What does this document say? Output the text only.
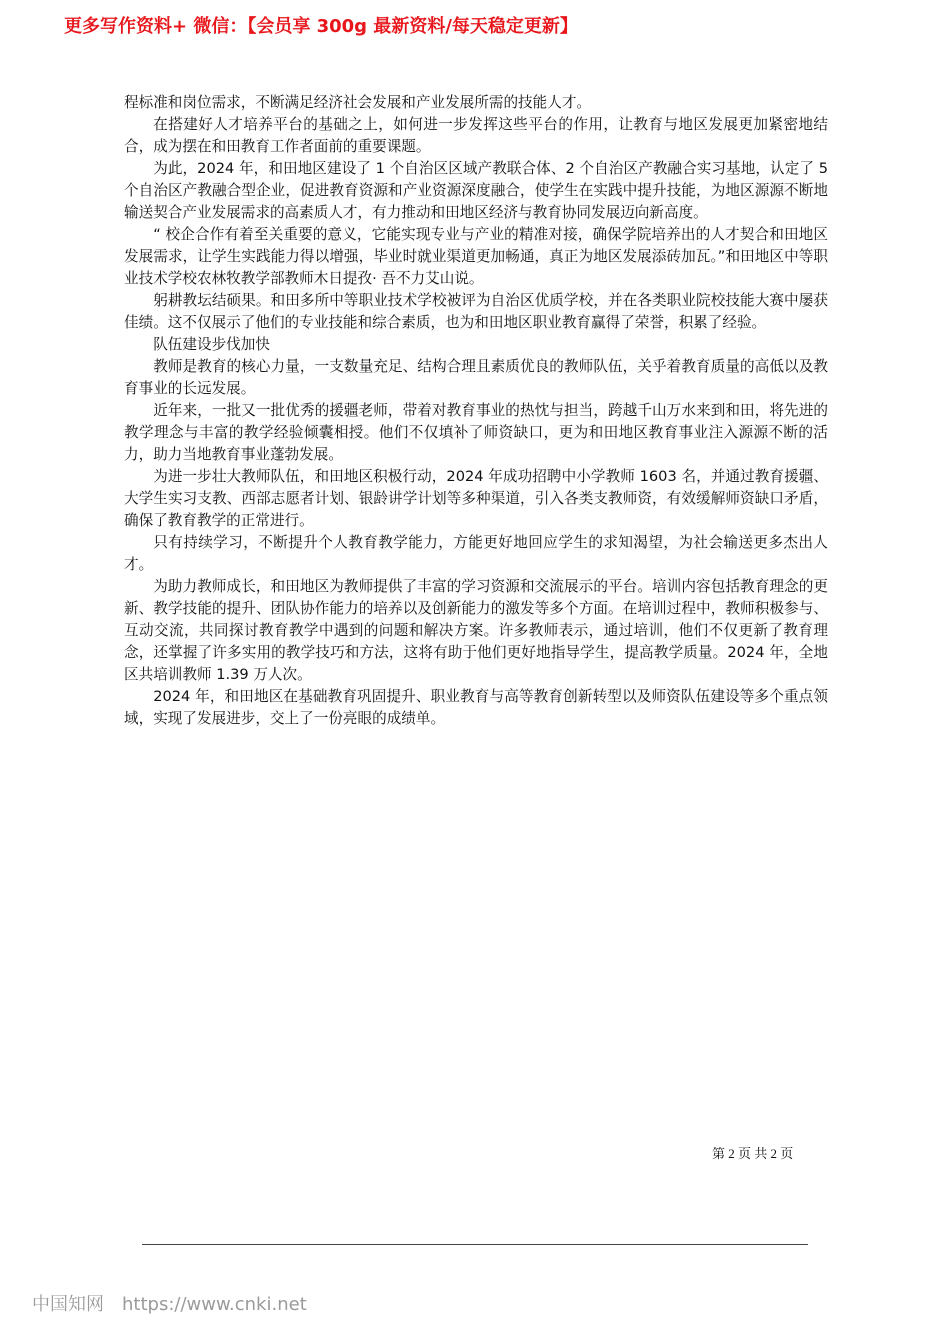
更多写作资料+ 微信：【会员享 300g 最新资料/每天稳定更新】

程标准和岗位需求，不断满足经济社会发展和产业发展所需的技能人才。

在搭建好人才培养平台的基础之上，如何进一步发挥这些平台的作用，让教育与地区发展更加紧密地结合，成为摆在和田教育工作者面前的重要课题。

为此，2024 年，和田地区建设了 1 个自治区区域产教联合体、2 个自治区产教融合实习基地，认定了 5 个自治区产教融合型企业，促进教育资源和产业资源深度融合，使学生在实践中提升技能，为地区源源不断地输送契合产业发展需求的高素质人才，有力推动和田地区经济与教育协同发展迈向新高度。

“ 校企合作有着至关重要的意义，它能实现专业与产业的精准对接，确保学院培养出的人才契合和田地区发展需求，让学生实践能力得以增强，毕业时就业渠道更加畅通，真正为地区发展添砖加瓦。”和田地区中等职业技术学校农林牧教学部教师木日提孜· 吾不力艾山说。

躬耕教坛结硕果。和田多所中等职业技术学校被评为自治区优质学校，并在各类职业院校技能大赛中屡获佳绩。这不仅展示了他们的专业技能和综合素质，也为和田地区职业教育赢得了荣誉，积累了经验。

队伍建设步伐加快

教师是教育的核心力量，一支数量充足、结构合理且素质优良的教师队伍，关乎着教育质量的高低以及教育事业的长远发展。

近年来，一批又一批优秀的援疆老师，带着对教育事业的热忱与担当，跨越千山万水来到和田，将先进的教学理念与丰富的教学经验倾囊相授。他们不仅填补了师资缺口，更为和田地区教育事业注入源源不断的活力，助力当地教育事业蓬勃发展。

为进一步壮大教师队伍，和田地区积极行动，2024 年成功招聘中小学教师 1603 名，并通过教育援疆、大学生实习支教、西部志愿者计划、银龄讲学计划等多种渠道，引入各类支教师资，有效缓解师资缺口矛盾，确保了教育教学的正常进行。

只有持续学习，不断提升个人教育教学能力，方能更好地回应学生的求知渴望，为社会输送更多杰出人才。

为助力教师成长，和田地区为教师提供了丰富的学习资源和交流展示的平台。培训内容包括教育理念的更新、教学技能的提升、团队协作能力的培养以及创新能力的激发等多个方面。在培训过程中，教师积极参与、互动交流，共同探讨教育教学中遇到的问题和解决方案。许多教师表示，通过培训，他们不仅更新了教育理念，还掌握了许多实用的教学技巧和方法，这将有助于他们更好地指导学生，提高教学质量。2024 年，全地区共培训教师 1.39 万人次。

2024 年，和田地区在基础教育巩固提升、职业教育与高等教育创新转型以及师资队伍建设等多个重点领域，实现了发展进步，交上了一份亮眼的成绩单。

第 2 页 共 2 页
中国知网 https://www.cnki.net
